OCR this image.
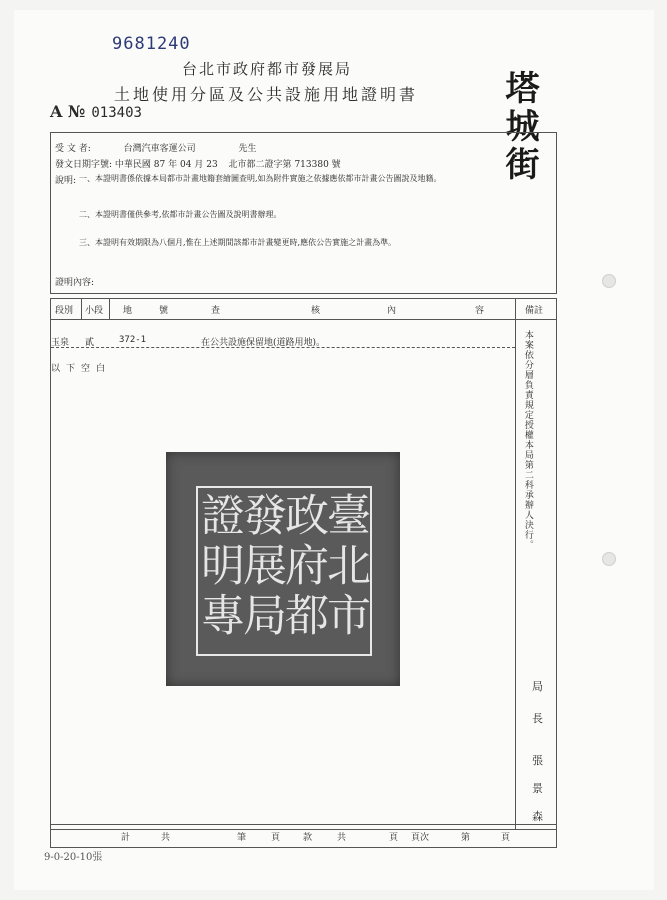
9681240
台北市政府都市發展局
土地使用分區及公共設施用地證明書
A № 013403	塔城街
受 文 者:	台灣汽車客運公司	先生
發文日期字號: 中華民國 87 年 04 月 23 北市都二證字第 713380 號
說明: 一、本證明書係依據本局都市計畫地籍套繪圖查明,如為附件實施之依據應依都市計畫公告圖說及地籍。
二、本證明書僅供參考,依都市計畫公告圖及說明書辦理。
三、本證明有效期限為八個月,惟在上述期間該都市計畫變更時,應依公告實施之計畫為準。
證明內容:
段別 小段 地	號	查	核	內	容	備註
玉泉 貳	372-1	在公共設施保留地(道路用地)。
以下空白	本案依分層負責規定授權本局第二科承辦人決行。
局
長
張
景
森
臺北市
政府都
發展局
證明專
計	共	筆	頁	款	共	頁 頁次	第	頁
9-0-20-10張
